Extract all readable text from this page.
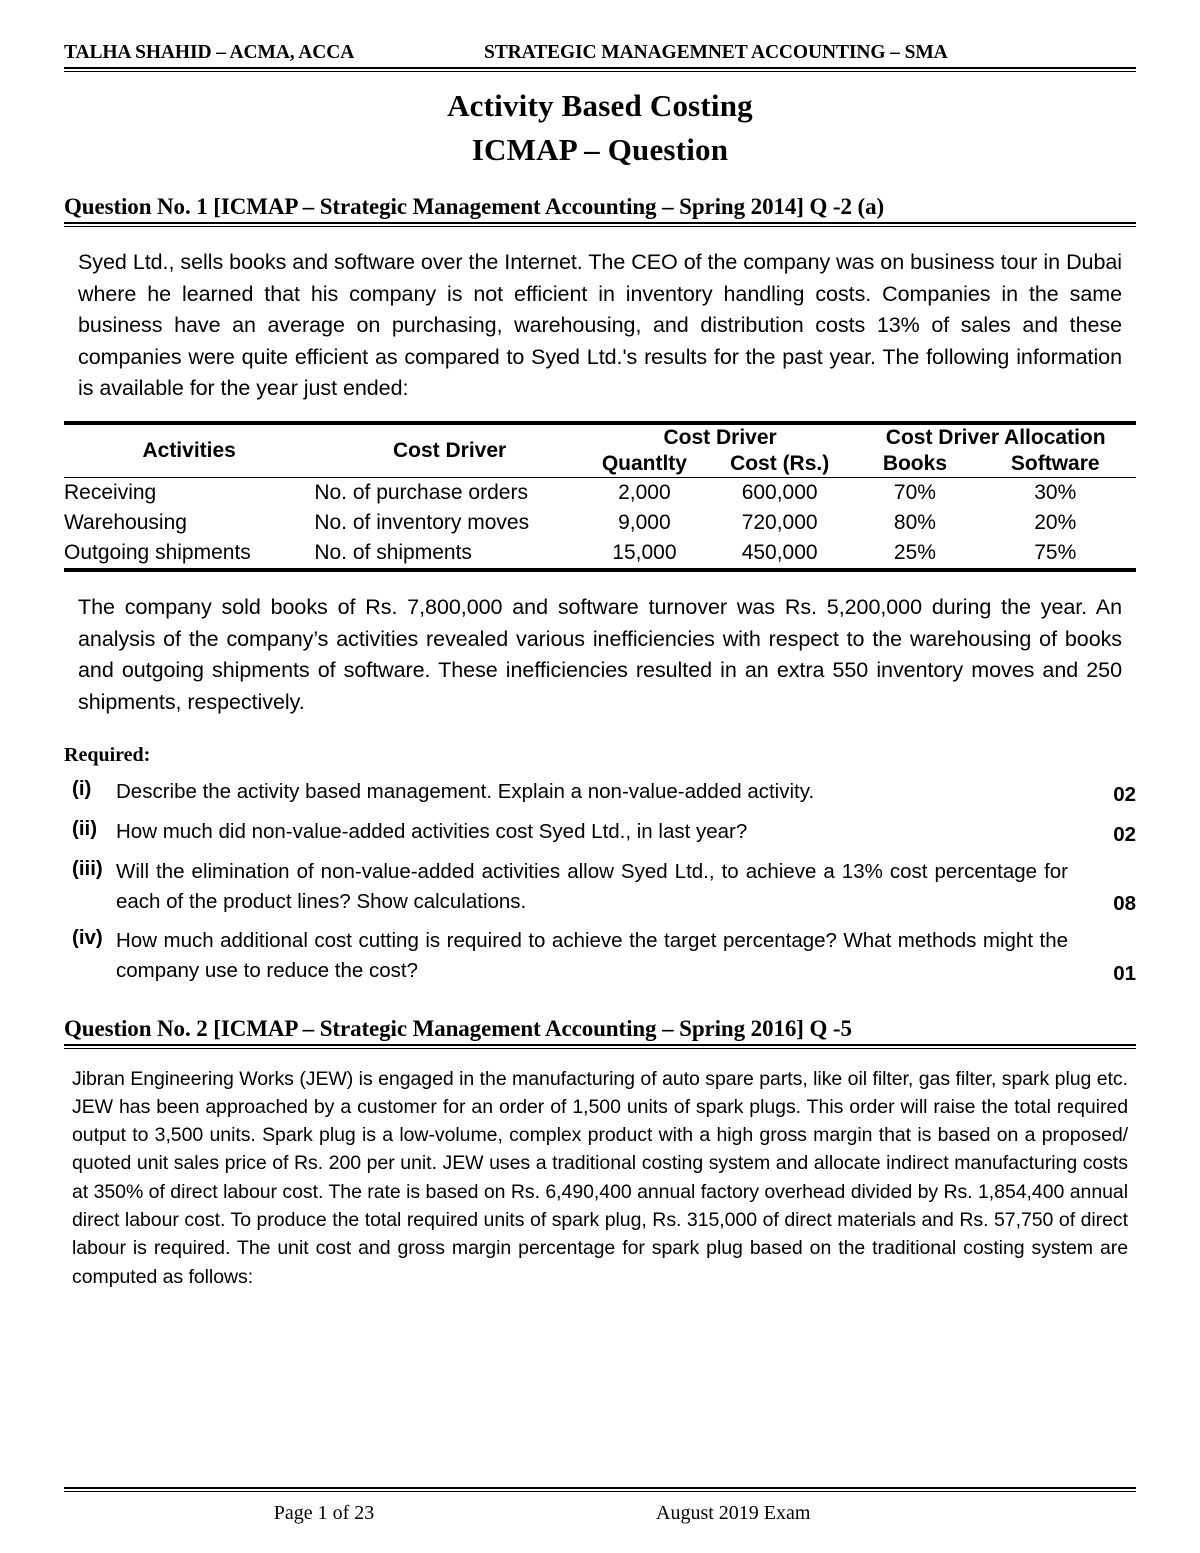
TALHA SHAHID – ACMA, ACCA	STRATEGIC MANAGEMNET ACCOUNTING – SMA
Activity Based Costing
ICMAP – Question
Question No. 1 [ICMAP – Strategic Management Accounting – Spring 2014] Q -2 (a)

Syed Ltd., sells books and software over the Internet. The CEO of the company was on business tour in Dubai where he learned that his company is not efficient in inventory handling costs. Companies in the same business have an average on purchasing, warehousing, and distribution costs 13% of sales and these companies were quite efficient as compared to Syed Ltd.'s results for the past year. The following information is available for the year just ended:

Activities	Cost Driver	Cost Driver		Cost Driver Allocation	
		Quantlty	Cost (Rs.)	Books	Software
Receiving	No. of purchase orders	2,000	600,000	70%	30%
Warehousing	No. of inventory moves	9,000	720,000	80%	20%
Outgoing shipments	No. of shipments	15,000	450,000	25%	75%

The company sold books of Rs. 7,800,000 and software turnover was Rs. 5,200,000 during the year. An analysis of the company’s activities revealed various inefficiencies with respect to the warehousing of books and outgoing shipments of software. These inefficiencies resulted in an extra 550 inventory moves and 250 shipments, respectively.

Required:
(i)	Describe the activity based management. Explain a non-value-added activity.	02
(ii) How much did non-value-added activities cost Syed Ltd., in last year?	02
(iii) Will the elimination of non-value-added activities allow Syed Ltd., to achieve a 13% cost percentage for each of the product lines? Show calculations.	08
(iv) How much additional cost cutting is required to achieve the target percentage? What methods might the company use to reduce the cost?	01
Question No. 2 [ICMAP – Strategic Management Accounting – Spring 2016] Q -5

Jibran Engineering Works (JEW) is engaged in the manufacturing of auto spare parts, like oil filter, gas filter, spark plug etc. JEW has been approached by a customer for an order of 1,500 units of spark plugs. This order will raise the total required output to 3,500 units. Spark plug is a low-volume, complex product with a high gross margin that is based on a proposed/ quoted unit sales price of Rs. 200 per unit. JEW uses a traditional costing system and allocate indirect manufacturing costs at 350% of direct labour cost. The rate is based on Rs. 6,490,400 annual factory overhead divided by Rs. 1,854,400 annual direct labour cost. To produce the total required units of spark plug, Rs. 315,000 of direct materials and Rs. 57,750 of direct labour is required. The unit cost and gross margin percentage for spark plug based on the traditional costing system are computed as follows:

Page 1 of 23	August 2019 Exam
